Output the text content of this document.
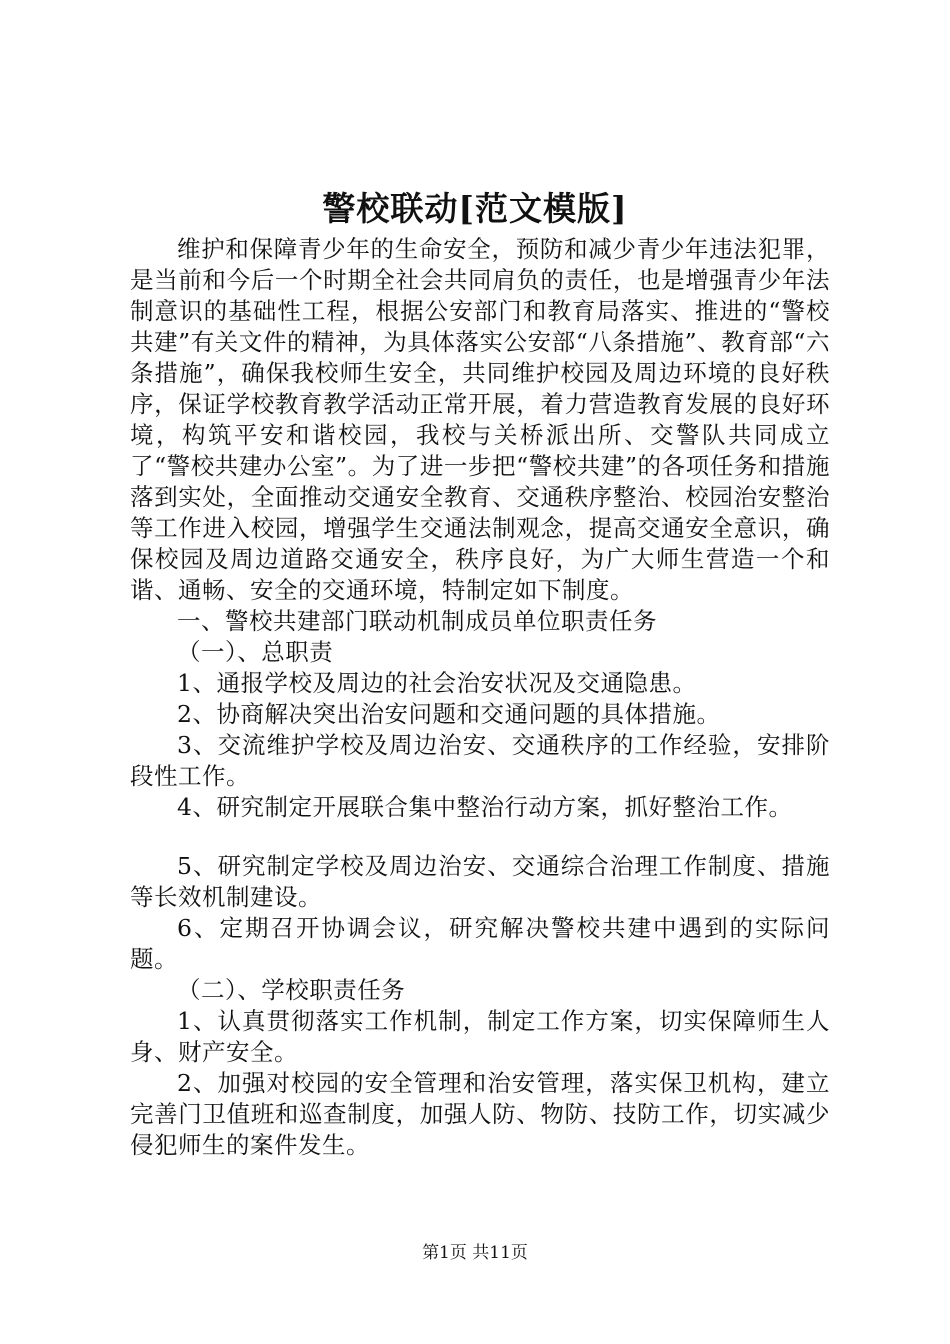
警校联动[范文模版]

维护和保障青少年的生命安全，预防和减少青少年违法犯罪，是当前和今后一个时期全社会共同肩负的责任，也是增强青少年法制意识的基础性工程，根据公安部门和教育局落实、推进的“警校共建”有关文件的精神，为具体落实公安部“八条措施”、教育部“六条措施”，确保我校师生安全，共同维护校园及周边环境的良好秩序，保证学校教育教学活动正常开展，着力营造教育发展的良好环境，构筑平安和谐校园，我校与关桥派出所、交警队共同成立了“警校共建办公室”。为了进一步把“警校共建”的各项任务和措施落到实处，全面推动交通安全教育、交通秩序整治、校园治安整治等工作进入校园，增强学生交通法制观念，提高交通安全意识，确保校园及周边道路交通安全，秩序良好，为广大师生营造一个和谐、通畅、安全的交通环境，特制定如下制度。

一、警校共建部门联动机制成员单位职责任务

（一）、总职责

1、通报学校及周边的社会治安状况及交通隐患。

2、协商解决突出治安问题和交通问题的具体措施。

3、交流维护学校及周边治安、交通秩序的工作经验，安排阶段性工作。

4、研究制定开展联合集中整治行动方案，抓好整治工作。

5、研究制定学校及周边治安、交通综合治理工作制度、措施等长效机制建设。

6、定期召开协调会议，研究解决警校共建中遇到的实际问题。

（二）、学校职责任务

1、认真贯彻落实工作机制，制定工作方案，切实保障师生人身、财产安全。

2、加强对校园的安全管理和治安管理，落实保卫机构，建立完善门卫值班和巡查制度，加强人防、物防、技防工作，切实减少侵犯师生的案件发生。

第1页 共11页
